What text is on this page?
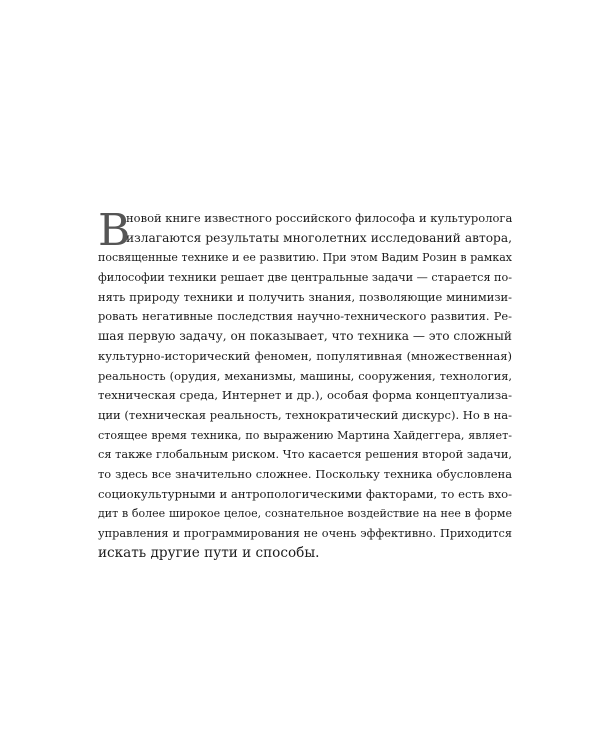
В
новой книге известного российского философа и культуролога
излагаются результаты многолетних исследований автора,
посвященные технике и ее развитию. При этом Вадим Розин в рамках
философии техники решает две центральные задачи — старается по-
нять природу техники и получить знания, позволяющие минимизи-
ровать негативные последствия научно-технического развития. Ре-
шая первую задачу, он показывает, что техника — это сложный
культурно-исторический феномен, популятивная (множественная)
реальность (орудия, механизмы, машины, сооружения, технология,
техническая среда, Интернет и др.), особая форма концептуализа-
ции (техническая реальность, технократический дискурс). Но в на-
стоящее время техника, по выражению Мартина Хайдеггера, являет-
ся также глобальным риском. Что касается решения второй задачи,
то здесь все значительно сложнее. Поскольку техника обусловлена
социокультурными и антропологическими факторами, то есть вхо-
дит в более широкое целое, сознательное воздействие на нее в форме
управления и программирования не очень эффективно. Приходится
искать другие пути и способы.
